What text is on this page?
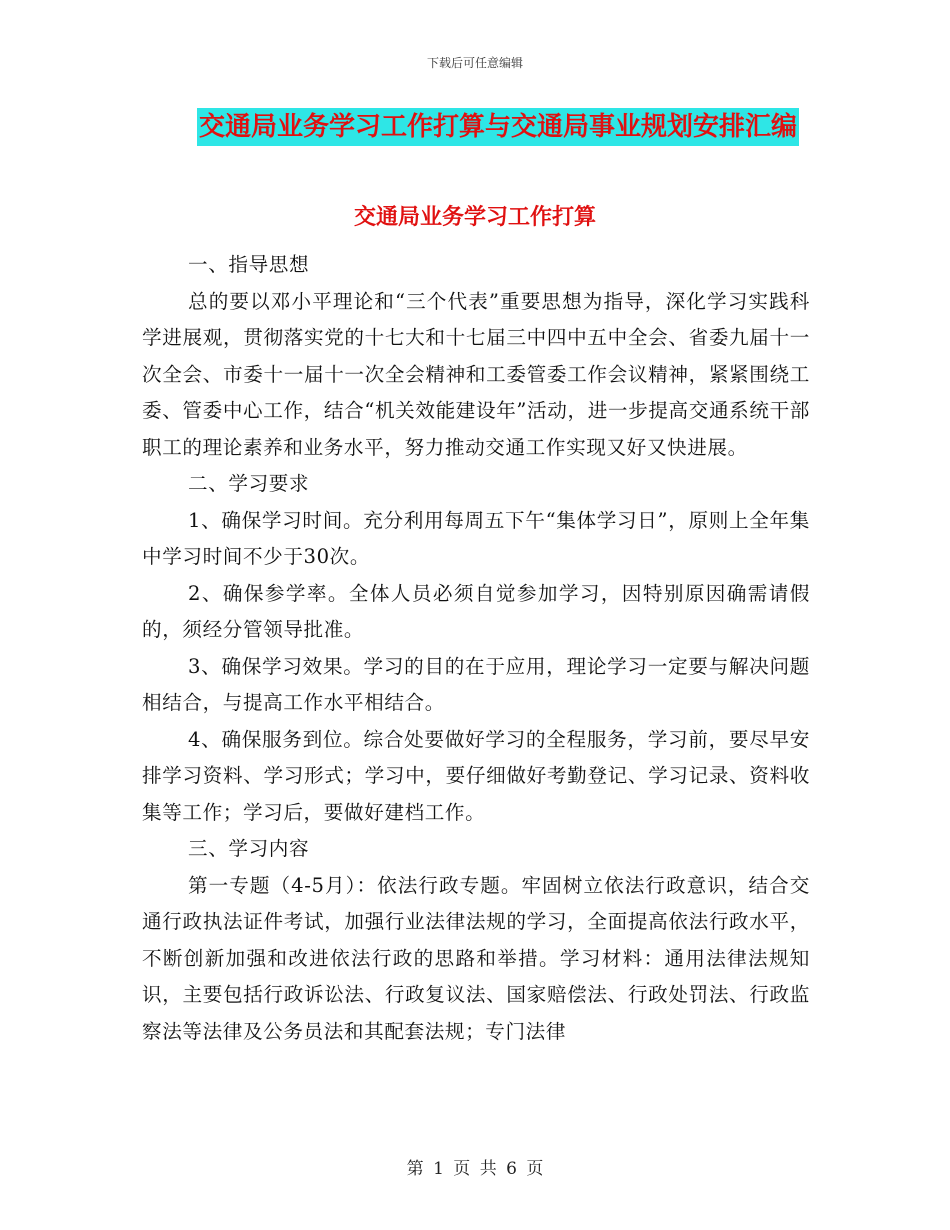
下载后可任意编辑
交通局业务学习工作打算与交通局事业规划安排汇编
交通局业务学习工作打算

一、指导思想

总的要以邓小平理论和“三个代表”重要思想为指导，深化学习实践科学进展观，贯彻落实党的十七大和十七届三中四中五中全会、省委九届十一次全会、市委十一届十一次全会精神和工委管委工作会议精神，紧紧围绕工委、管委中心工作，结合“机关效能建设年”活动，进一步提高交通系统干部职工的理论素养和业务水平，努力推动交通工作实现又好又快进展。

二、学习要求

1、确保学习时间。充分利用每周五下午“集体学习日”，原则上全年集中学习时间不少于30次。

2、确保参学率。全体人员必须自觉参加学习，因特别原因确需请假的，须经分管领导批准。

3、确保学习效果。学习的目的在于应用，理论学习一定要与解决问题相结合，与提高工作水平相结合。

4、确保服务到位。综合处要做好学习的全程服务，学习前，要尽早安排学习资料、学习形式；学习中，要仔细做好考勤登记、学习记录、资料收集等工作；学习后，要做好建档工作。

三、学习内容

第一专题（4-5月）：依法行政专题。牢固树立依法行政意识，结合交通行政执法证件考试，加强行业法律法规的学习，全面提高依法行政水平，不断创新加强和改进依法行政的思路和举措。学习材料：通用法律法规知识，主要包括行政诉讼法、行政复议法、国家赔偿法、行政处罚法、行政监察法等法律及公务员法和其配套法规；专门法律

第 1 页 共 6 页
